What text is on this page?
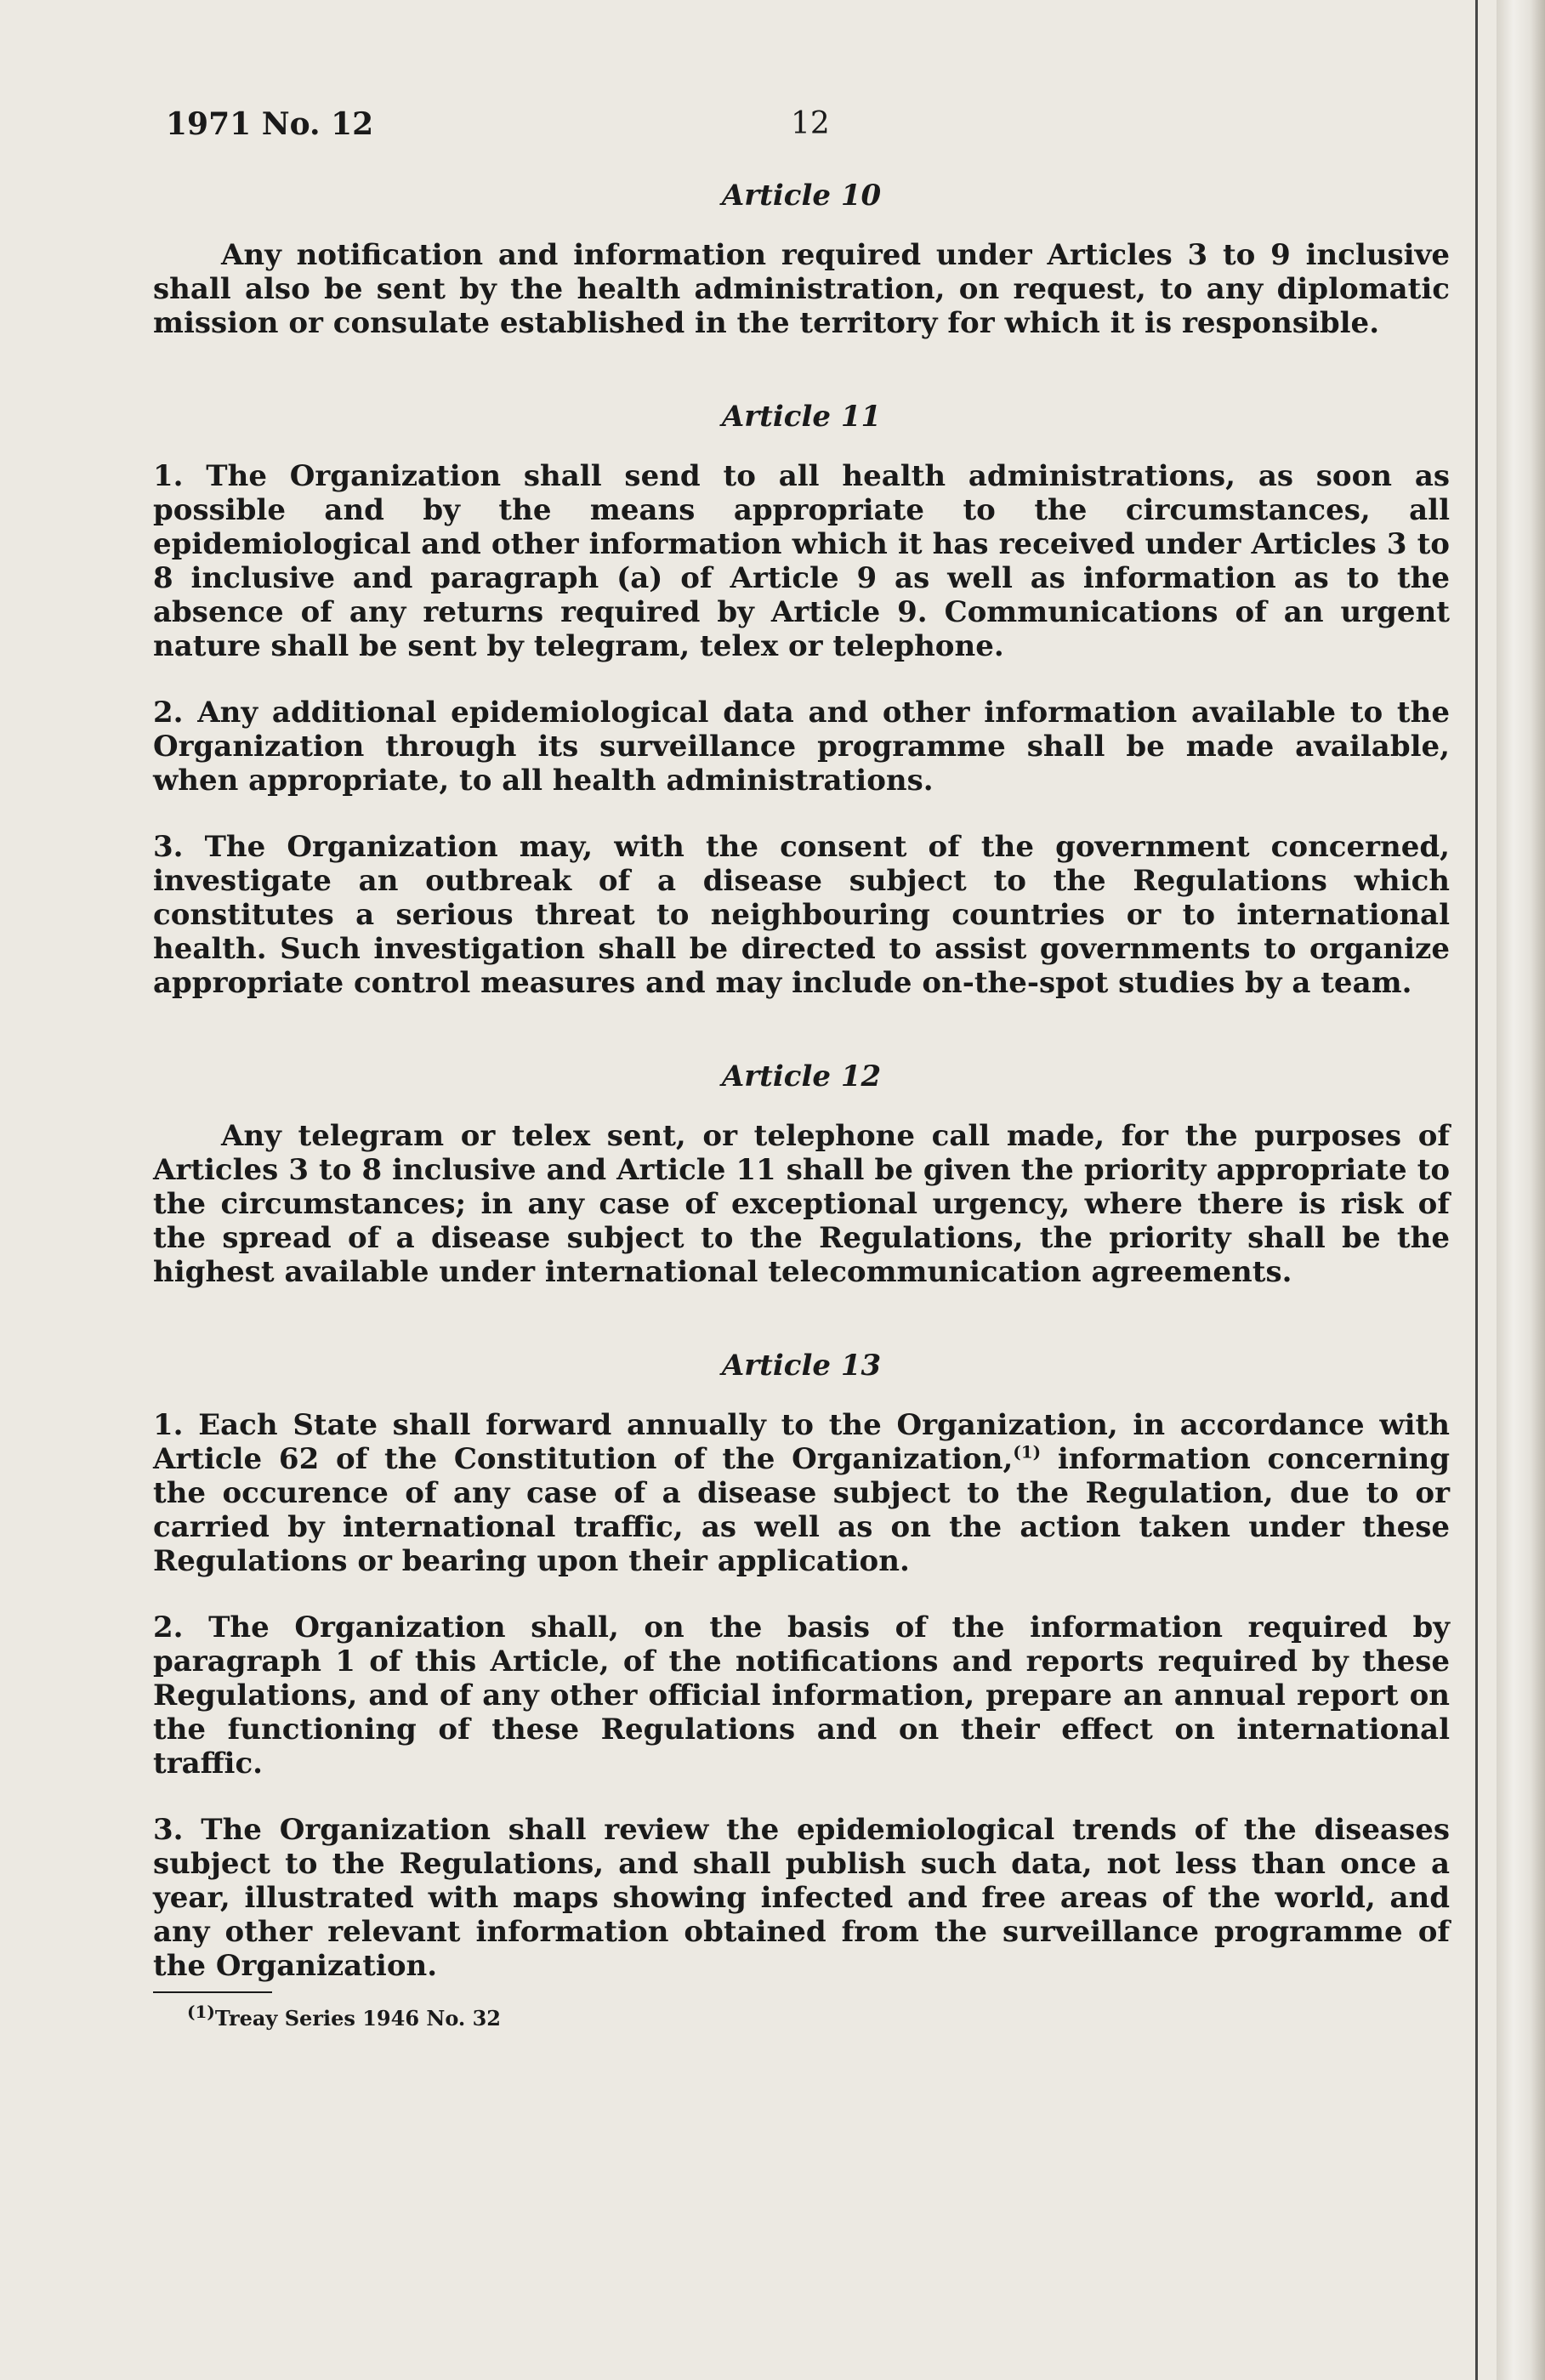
1971 No. 12	12
Article 10

Any notification and information required under Articles 3 to 9 inclusive shall also be sent by the health administration, on request, to any diplomatic mission or consulate established in the territory for which it is responsible.

Article 11

1. The Organization shall send to all health administrations, as soon as possible and by the means appropriate to the circumstances, all epidemiological and other information which it has received under Articles 3 to 8 inclusive and paragraph (a) of Article 9 as well as information as to the absence of any returns required by Article 9. Communications of an urgent nature shall be sent by telegram, telex or telephone.

2. Any additional epidemiological data and other information available to the Organization through its surveillance programme shall be made available, when appropriate, to all health administrations.

3. The Organization may, with the consent of the government concerned, investigate an outbreak of a disease subject to the Regulations which constitutes a serious threat to neighbouring countries or to international health. Such investigation shall be directed to assist governments to organize appropriate control measures and may include on-the-spot studies by a team.

Article 12

Any telegram or telex sent, or telephone call made, for the purposes of Articles 3 to 8 inclusive and Article 11 shall be given the priority appropriate to the circumstances; in any case of exceptional urgency, where there is risk of the spread of a disease subject to the Regulations, the priority shall be the highest available under international telecommunication agreements.

Article 13

1. Each State shall forward annually to the Organization, in accordance with Article 62 of the Constitution of the Organization,$^{(1)}$ information concerning the occurence of any case of a disease subject to the Regulation, due to or carried by international traffic, as well as on the action taken under these Regulations or bearing upon their application.

2. The Organization shall, on the basis of the information required by paragraph 1 of this Article, of the notifications and reports required by these Regulations, and of any other official information, prepare an annual report on the functioning of these Regulations and on their effect on international traffic.

3. The Organization shall review the epidemiological trends of the diseases subject to the Regulations, and shall publish such data, not less than once a year, illustrated with maps showing infected and free areas of the world, and any other relevant information obtained from the surveillance programme of the Organization.

$^{(1)}$Treay Series 1946 No. 32
